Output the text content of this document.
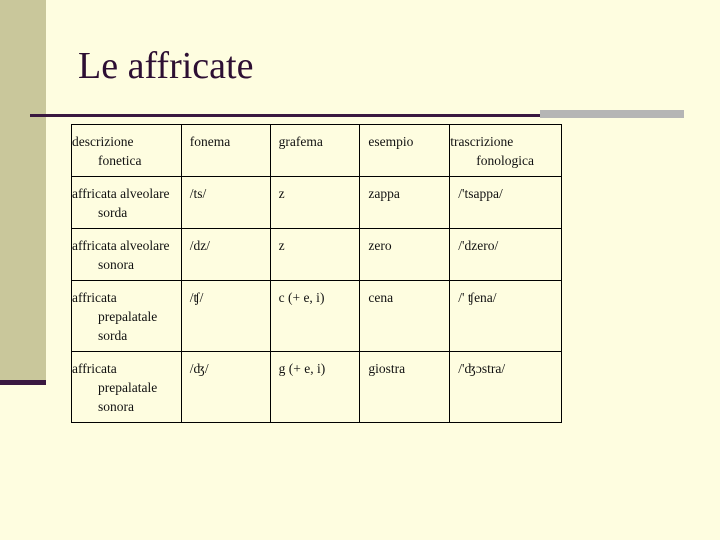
Le affricate
descrizione fonetica	fonema	grafema	esempio	trascrizione fonologica
affricata alveolare sorda	/ts/	z	zappa	/'tsappa/
affricata alveolare sonora	/dz/	z	zero	/'dzero/
affricata prepalatale sorda	/ʧ/	c (+ e, i)	cena	/' ʧena/
affricata prepalatale sonora	/ʤ/	g (+ e, i)	giostra	/'ʤɔstra/
